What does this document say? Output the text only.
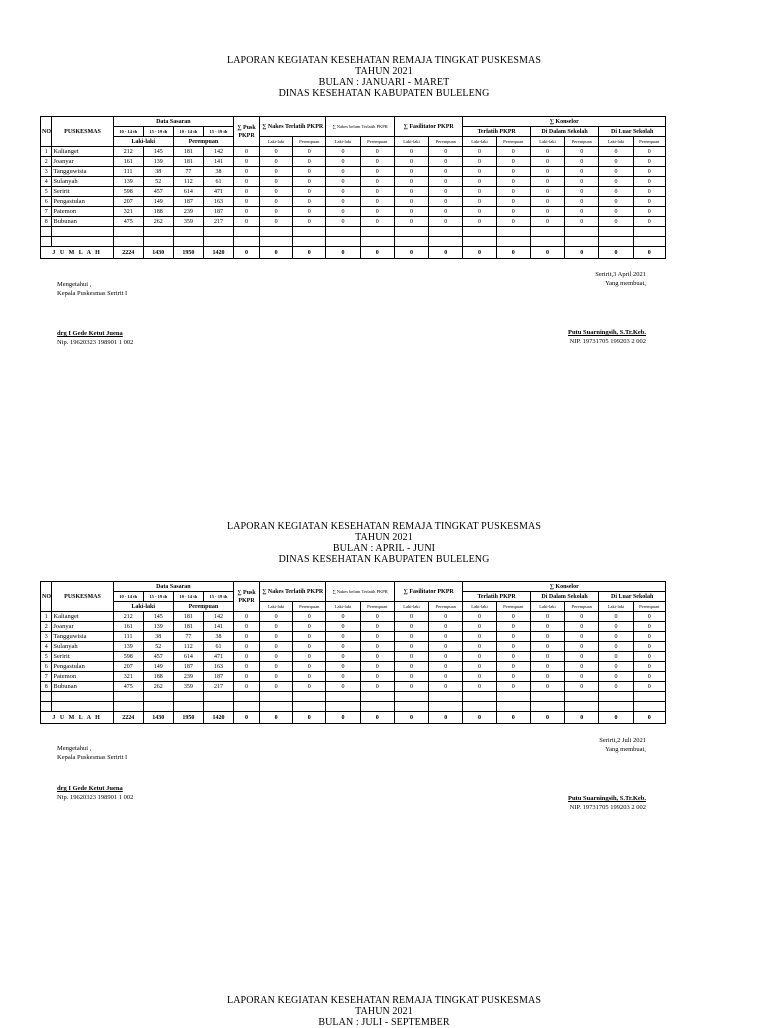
LAPORAN KEGIATAN KESEHATAN REMAJA TINGKAT PUSKESMAS
TAHUN 2021
BULAN : JANUARI - MARET
DINAS KESEHATAN KABUPATEN BULELENG
NO	PUSKESMAS	Data Sasaran				∑ Pusk PKPR	∑ Nakes Terlatih PKPR		∑ Nakes belum Terlatih PKPR		∑ Fasilitator PKPR		∑ Konselor					
		10 - 14 th	15 - 19 th	10 - 14 th	15 - 19 th								Terlatih PKPR		Di Dalam Sekolah		Di Luar Sekolah	
		Laki-laki		Perempuan			Laki-laki	Perempuan	Laki-laki	Perempuan	Laki-laki	Perempuan	Laki-laki	Perempuan	Laki-laki	Perempuan	Laki-laki	Perempuan
1	Kalianget	212	145	181	142	0	0	0	0	0	0	0	0	0	0	0	0	0
2	Joanyar	161	139	181	141	0	0	0	0	0	0	0	0	0	0	0	0	0
3	Tangguwisia	111	38	77	38	0	0	0	0	0	0	0	0	0	0	0	0	0
4	Sulanyah	139	52	112	61	0	0	0	0	0	0	0	0	0	0	0	0	0
5	Seririt	598	457	614	471	0	0	0	0	0	0	0	0	0	0	0	0	0
6	Pengastulan	207	149	187	163	0	0	0	0	0	0	0	0	0	0	0	0	0
7	Patemon	321	188	239	187	0	0	0	0	0	0	0	0	0	0	0	0	0
8	Bubunan	475	262	359	217	0	0	0	0	0	0	0	0	0	0	0	0	0

J U M L A H		2224	1430	1950	1420	0	0	0	0	0	0	0	0	0	0	0	0	0
Mengetahui ,
Kepala Puskesmas Seririt I
drg I Gede Ketut Juena
Nip. 19620323 198901 1 002
Seririt,3 April 2021
Yang membuat,
Putu Suarningsih, S.Tr.Keb.
NIP. 19731705 199203 2 002
LAPORAN KEGIATAN KESEHATAN REMAJA TINGKAT PUSKESMAS
TAHUN 2021
BULAN : APRIL - JUNI
DINAS KESEHATAN KABUPATEN BULELENG
NO	PUSKESMAS	Data Sasaran				∑ Pusk PKPR	∑ Nakes Terlatih PKPR		∑ Nakes belum Terlatih PKPR		∑ Fasilitator PKPR		∑ Konselor					
		10 - 14 th	15 - 19 th	10 - 14 th	15 - 19 th								Terlatih PKPR		Di Dalam Sekolah		Di Luar Sekolah	
		Laki-laki		Perempuan			Laki-laki	Perempuan	Laki-laki	Perempuan	Laki-laki	Perempuan	Laki-laki	Perempuan	Laki-laki	Perempuan	Laki-laki	Perempuan
1	Kalianget	212	145	181	142	0	0	0	0	0	0	0	0	0	0	0	0	0
2	Joanyar	161	139	181	141	0	0	0	0	0	0	0	0	0	0	0	0	0
3	Tangguwisia	111	38	77	38	0	0	0	0	0	0	0	0	0	0	0	0	0
4	Sulanyah	139	52	112	61	0	0	0	0	0	0	0	0	0	0	0	0	0
5	Seririt	598	457	614	471	0	0	0	0	0	0	0	0	0	0	0	0	0
6	Pengastulan	207	149	187	163	0	0	0	0	0	0	0	0	0	0	0	0	0
7	Patemon	321	188	239	187	0	0	0	0	0	0	0	0	0	0	0	0	0
8	Bubunan	475	262	359	217	0	0	0	0	0	0	0	0	0	0	0	0	0

J U M L A H		2224	1430	1950	1420	0	0	0	0	0	0	0	0	0	0	0	0	0
Mengetahui ,
Kepala Puskesmas Seririt I
drg I Gede Ketut Juena
Nip. 19620323 198901 1 002
Seririt,2 Juli 2021
Yang membuat,
Putu Suarningsih, S.Tr.Keb.
NIP. 19731705 199203 2 002
LAPORAN KEGIATAN KESEHATAN REMAJA TINGKAT PUSKESMAS
TAHUN 2021
BULAN : JULI - SEPTEMBER
